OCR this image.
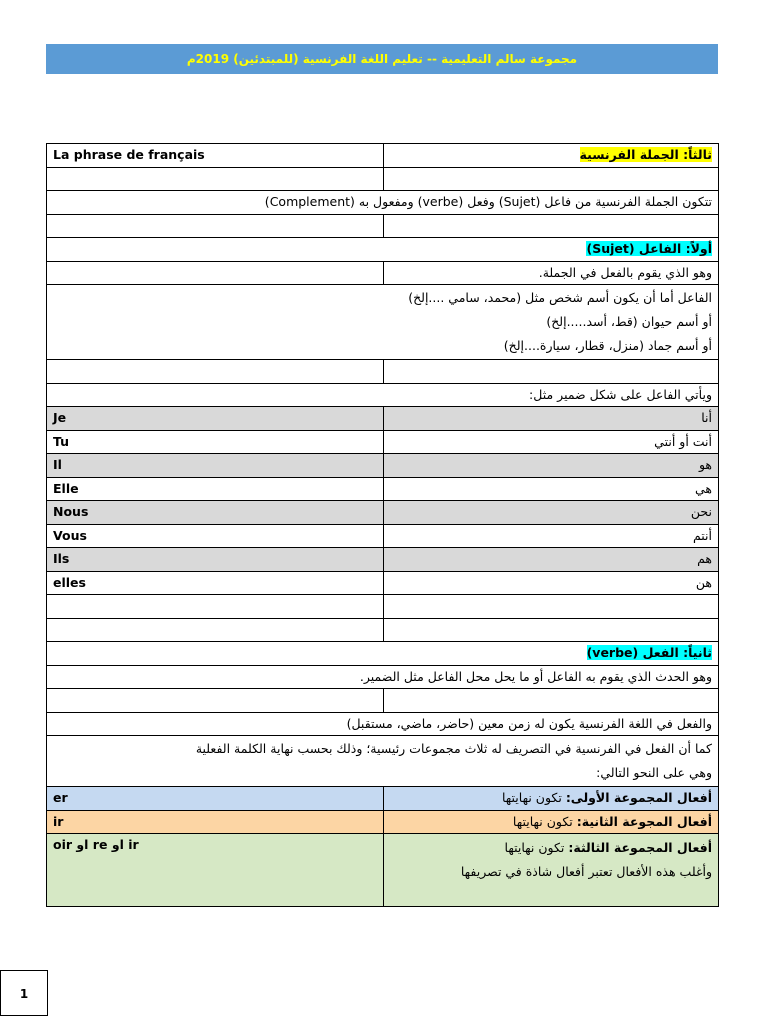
مجموعة سالم التعليمية -- تعليم اللغة الفرنسية (للمبتدئين) 2019م
La phrase de français	ثالثاً: الجملة الفرنسية

تتكون الجملة الفرنسية من فاعل (Sujet) وفعل (verbe) ومفعول به (Complement)	

أولاً: الفاعل (Sujet)	
	وهو الذي يقوم بالفعل في الجملة.

الفاعل أما أن يكون أسم شخص مثل (محمد، سامي ....إلخ)
أو أسم حيوان (قط، أسد.....إلخ)
أو أسم جماد (منزل، قطار، سيارة....إلخ)	

ويأتي الفاعل على شكل ضمير مثل:	
Je	أنا
Tu	أنت أو أنتي
Il	هو
Elle	هي
Nous	نحن
Vous	أنتم
Ils	هم
elles	هن

ثانياً: الفعل (verbe)	
وهو الحدث الذي يقوم به الفاعل أو ما يحل محل الفاعل مثل الضمير.	

والفعل في اللغة الفرنسية يكون له زمن معين (حاضر، ماضي، مستقبل)	

كما أن الفعل في الفرنسية في التصريف له ثلاث مجموعات رئيسية؛ وذلك بحسب نهاية الكلمة الفعلية
وهي على النحو التالي:	

er	أفعال المجموعة الأولى: تكون نهايتها
ir	أفعال المجوعة الثانية: تكون نهايتها
oir او re او ir	أفعال المجموعة الثالثة: تكون نهايتها
وأغلب هذه الأفعال تعتبر أفعال شاذة في تصريفها
1
